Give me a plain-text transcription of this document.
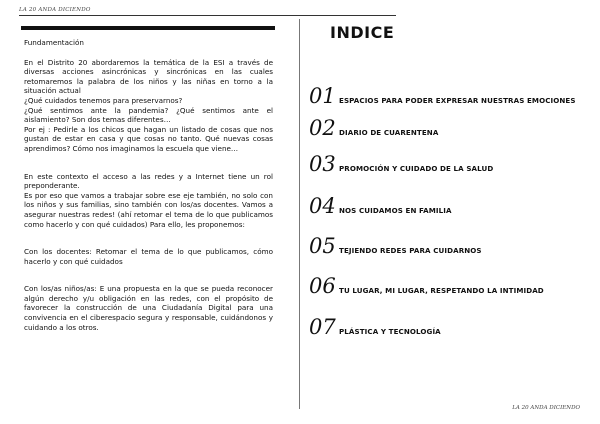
LA 20 ANDA DICIENDO

Fundamentación

En el Distrito 20 abordaremos la temática de la ESI a través de diversas acciones asincrónicas y sincrónicas en las cuales retomaremos la palabra de los niños y las niñas en torno a la situación actual

¿Qué cuidados tenemos para preservarnos?

¿Qué sentimos ante la pandemia? ¿Qué sentimos ante el aislamiento? Son dos temas diferentes…

Por ej : Pedirle a los chicos que hagan un listado de cosas que nos gustan de estar en casa y que cosas no tanto. Qué nuevas cosas aprendimos? Cómo nos imaginamos la escuela que viene…

En este contexto el acceso a las redes y a Internet tiene un rol preponderante.

Es por eso que vamos a trabajar sobre ese eje también, no solo con los niños y sus familias, sino también con los/as docentes. Vamos a asegurar nuestras redes! (ahí retomar el tema de lo que publicamos como hacerlo y con qué cuidados) Para ello, les proponemos:

Con los docentes: Retomar el tema de lo que publicamos, cómo hacerlo y con qué cuidados

Con los/as niños/as: E una propuesta en la que se pueda reconocer algún derecho y/u obligación en las redes, con el propósito de favorecer la construcción de una Ciudadanía Digital para una convivencia en el ciberespacio segura y responsable, cuidándonos y cuidando a los otros.

INDICE
01 ESPACIOS PARA PODER EXPRESAR NUESTRAS EMOCIONES
02 DIARIO DE CUARENTENA
03 PROMOCIÓN Y CUIDADO DE LA SALUD
04 NOS CUIDAMOS EN FAMILIA
05 TEJIENDO REDES PARA CUIDARNOS
06 TU LUGAR, MI LUGAR, RESPETANDO LA INTIMIDAD
07 PLÁSTICA Y TECNOLOGÍA
LA 20 ANDA DICIENDO
